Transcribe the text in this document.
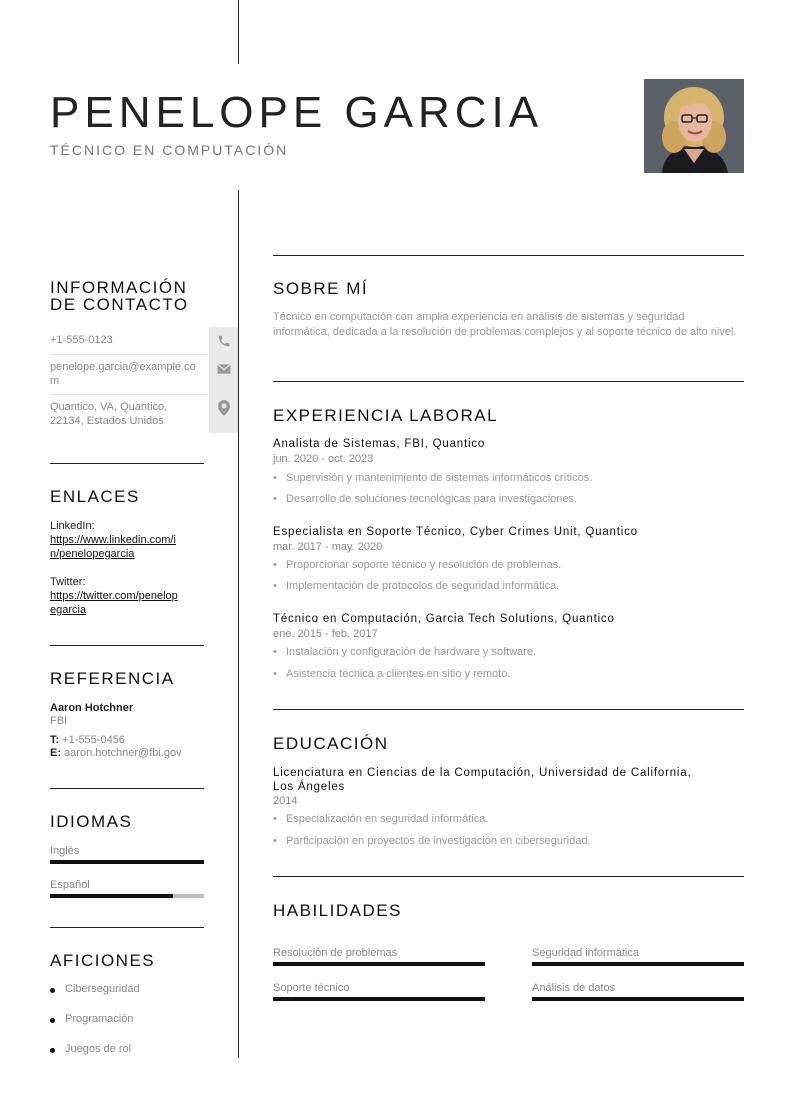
PENELOPE GARCIA
TÉCNICO EN COMPUTACIÓN
INFORMACIÓN
DE CONTACTO
+1-555-0123
penelope.garcia@example.co
m
Quantico, VA, Quantico,
22134, Estados Unidos
ENLACES
LinkedIn:
https://www.linkedin.com/i
n/penelopegarcia
Twitter:
https://twitter.com/penelop
egarcia
REFERENCIA
Aaron Hotchner
FBI
T: +1-555-0456
E: aaron.hotchner@fbi.gov
IDIOMAS
Inglés
Español
AFICIONES
Ciberseguridad
Programación
Juegos de rol
SOBRE MÍ
Técnico en computación con amplia experiencia en análisis de sistemas y seguridad informática, dedicada a la resolución de problemas complejos y al soporte técnico de alto nivel.
EXPERIENCIA LABORAL
Analista de Sistemas, FBI, Quantico
jun. 2020 - oct. 2023
• Supervisión y mantenimiento de sistemas informáticos críticos.
• Desarrollo de soluciones tecnológicas para investigaciones.
Especialista en Soporte Técnico, Cyber Crimes Unit, Quantico
mar. 2017 - may. 2020
• Proporcionar soporte técnico y resolución de problemas.
• Implementación de protocolos de seguridad informática.
Técnico en Computación, Garcia Tech Solutions, Quantico
ene. 2015 - feb. 2017
• Instalación y configuración de hardware y software.
• Asistencia técnica a clientes en sitio y remoto.
EDUCACIÓN
Licenciatura en Ciencias de la Computación, Universidad de California,
Los Ángeles
2014
• Especialización en seguridad informática.
• Participación en proyectos de investigación en ciberseguridad.
HABILIDADES
Resolución de problemas	Seguridad informática
Soporte técnico	Análisis de datos
